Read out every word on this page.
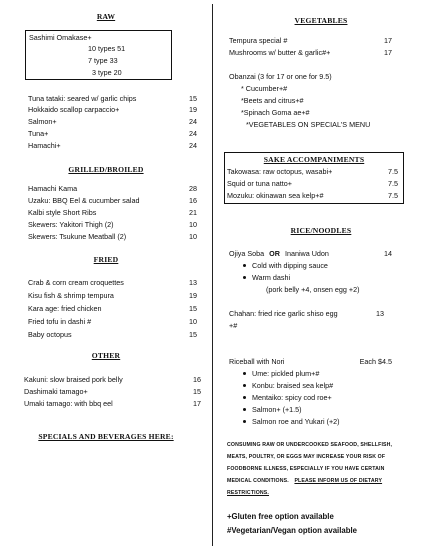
RAW
Sashimi Omakase+
10 types 51
7 type 33
3 type 20
Tuna tataki: seared w/ garlic chips	15
Hokkaido scallop carpaccio+	19
Salmon+	24
Tuna+	24
Hamachi+	24
GRILLED/BROILED
Hamachi Kama	28
Uzaku: BBQ Eel & cucumber salad	16
Kalbi style Short Ribs	21
Skewers: Yakitori Thigh (2)	10
Skewers: Tsukune Meatball (2)	10
FRIED
Crab & corn cream croquettes	13
Kisu fish & shrimp tempura	19
Kara age: fried chicken	15
Fried tofu in dashi #	10
Baby octopus	15
OTHER
Kakuni: slow braised pork belly	16
Dashimaki tamago+	15
Umaki tamago: with bbq eel	17
SPECIALS AND BEVERAGES HERE:
VEGETABLES
Tempura special #	17
Mushrooms w/ butter & garlic#+	17
Obanzai (3 for 17 or one for 9.5)
* Cucumber+#
*Beets and citrus+#
*Spinach Goma ae+#
*VEGETABLES ON SPECIAL'S MENU
SAKE ACCOMPANIMENTS
Takowasa: raw octopus, wasabi+	7.5
Squid or tuna natto+	7.5
Mozuku: okinawan sea kelp+#	7.5
RICE/NOODLES
Ojiya Soba OR Inaniwa Udon	14
Cold with dipping sauce
Warm dashi
(pork belly +4, onsen egg +2)
Chahan: fried rice garlic shiso egg	13
+#
Riceball with Nori	Each $4.5
Ume: pickled plum+#
Konbu: braised sea kelp#
Mentaiko: spicy cod roe+
Salmon+ (+1.5)
Salmon roe and Yukari (+2)
CONSUMING RAW OR UNDERCOOKED SEAFOOD, SHELLFISH,
MEATS, POULTRY, OR EGGS MAY INCREASE YOUR RISK OF
FOODBORNE ILLNESS, ESPECIALLY IF YOU HAVE CERTAIN
MEDICAL CONDITIONS. PLEASE INFORM US OF DIETARY
RESTRICTIONS.
+Gluten free option available
#Vegetarian/Vegan option available
